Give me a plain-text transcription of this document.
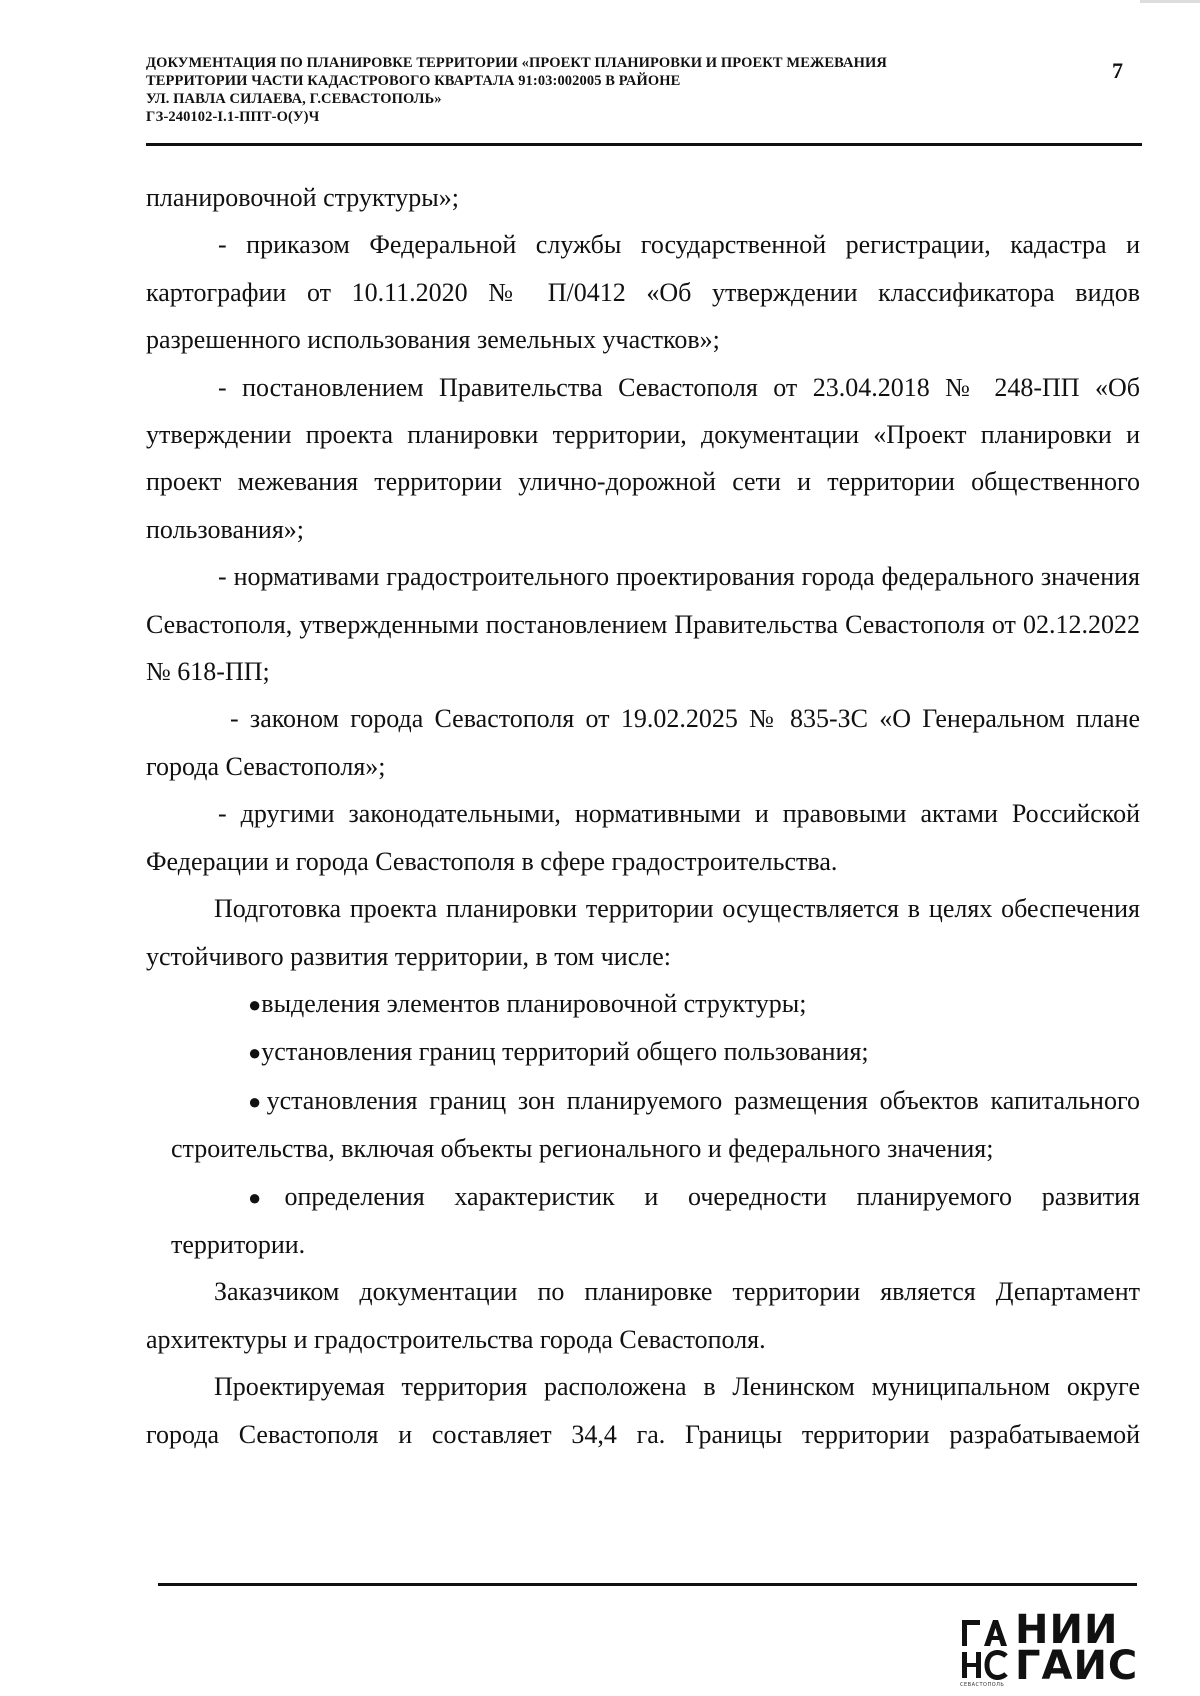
ДОКУМЕНТАЦИЯ ПО ПЛАНИРОВКЕ ТЕРРИТОРИИ «ПРОЕКТ ПЛАНИРОВКИ И ПРОЕКТ МЕЖЕВАНИЯ
ТЕРРИТОРИИ ЧАСТИ КАДАСТРОВОГО КВАРТАЛА 91:03:002005 В РАЙОНЕ
УЛ. ПАВЛА СИЛАЕВА, Г.СЕВАСТОПОЛЬ»
ГЗ-240102-I.1-ППТ-О(У)Ч
7

планировочной структуры»;

- приказом Федеральной службы государственной регистрации, кадастра и картографии от 10.11.2020 № П/0412 «Об утверждении классификатора видов разрешенного использования земельных участков»;

- постановлением Правительства Севастополя от 23.04.2018 № 248-ПП «Об утверждении проекта планировки территории, документации «Проект планировки и проект межевания территории улично-дорожной сети и территории общественного пользования»;

- нормативами градостроительного проектирования города федерального значения Севастополя, утвержденными постановлением Правительства Севастополя от 02.12.2022 № 618-ПП;

- законом города Севастополя от 19.02.2025 № 835-ЗС «О Генеральном плане города Севастополя»;

- другими законодательными, нормативными и правовыми актами Российской Федерации и города Севастополя в сфере градостроительства.

Подготовка проекта планировки территории осуществляется в целях обеспечения устойчивого развития территории, в том числе:

●выделения элементов планировочной структуры;

●установления границ территорий общего пользования;

●установления границ зон планируемого размещения объектов капитального строительства, включая объекты регионального и федерального значения;

●определения характеристик и очередности планируемого развития территории.

Заказчиком документации по планировке территории является Департамент архитектуры и градостроительства города Севастополя.

Проектируемая территория расположена в Ленинском муниципальном округе города Севастополя и составляет 34,4 га. Границы территории разрабатываемой

НИИ
ГАИС
СЕВАСТОПОЛЬ
